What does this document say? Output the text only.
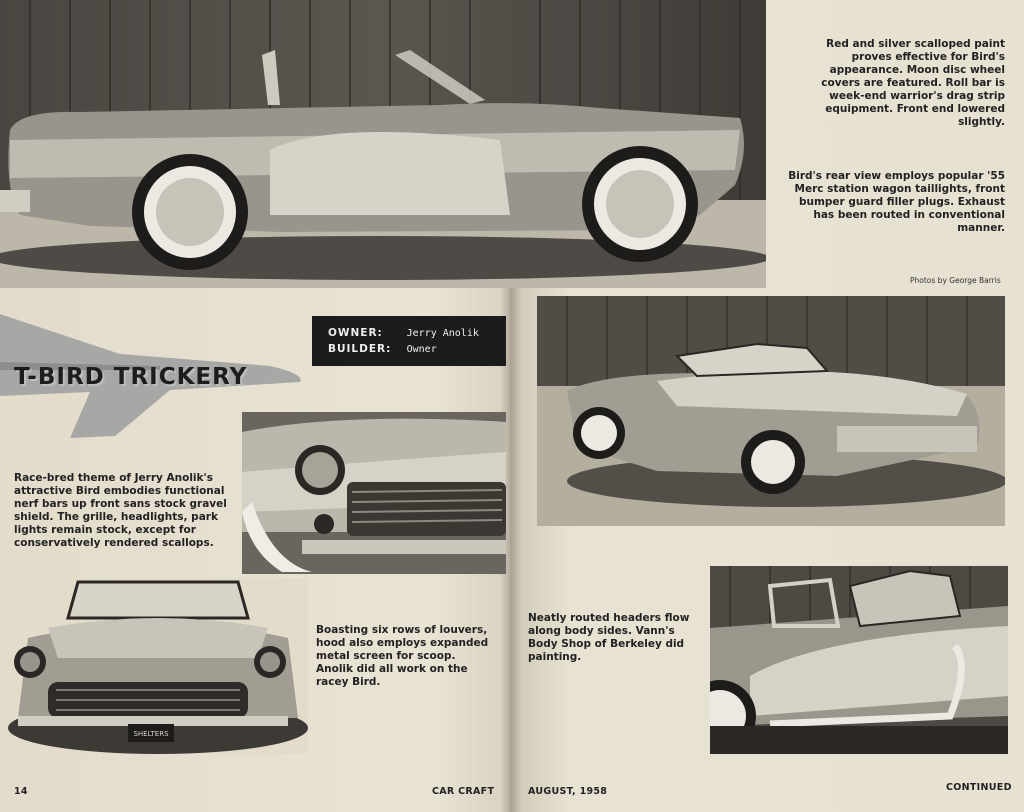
Red and silver scalloped paint proves effective for Bird's appearance. Moon disc wheel covers are featured. Roll bar is week-end warrior's drag strip equipment. Front end lowered slightly.
Bird's rear view employs popular '55 Merc station wagon taillights, front bumper guard filler plugs. Exhaust has been routed in conventional manner.
Photos by George Barris
T-BIRD TRICKERY
OWNER: Jerry Anolik
BUILDER: Owner
Race-bred theme of Jerry Anolik's attractive Bird embodies functional nerf bars up front sans stock gravel shield. The grille, headlights, park lights remain stock, except for conservatively rendered scallops.
SHELTERS
Boasting six rows of louvers, hood also employs expanded metal screen for scoop. Anolik did all work on the racey Bird.
Neatly routed headers flow along body sides. Vann's Body Shop of Berkeley did painting.
14	CAR CRAFT	AUGUST, 1958	CONTINUED
